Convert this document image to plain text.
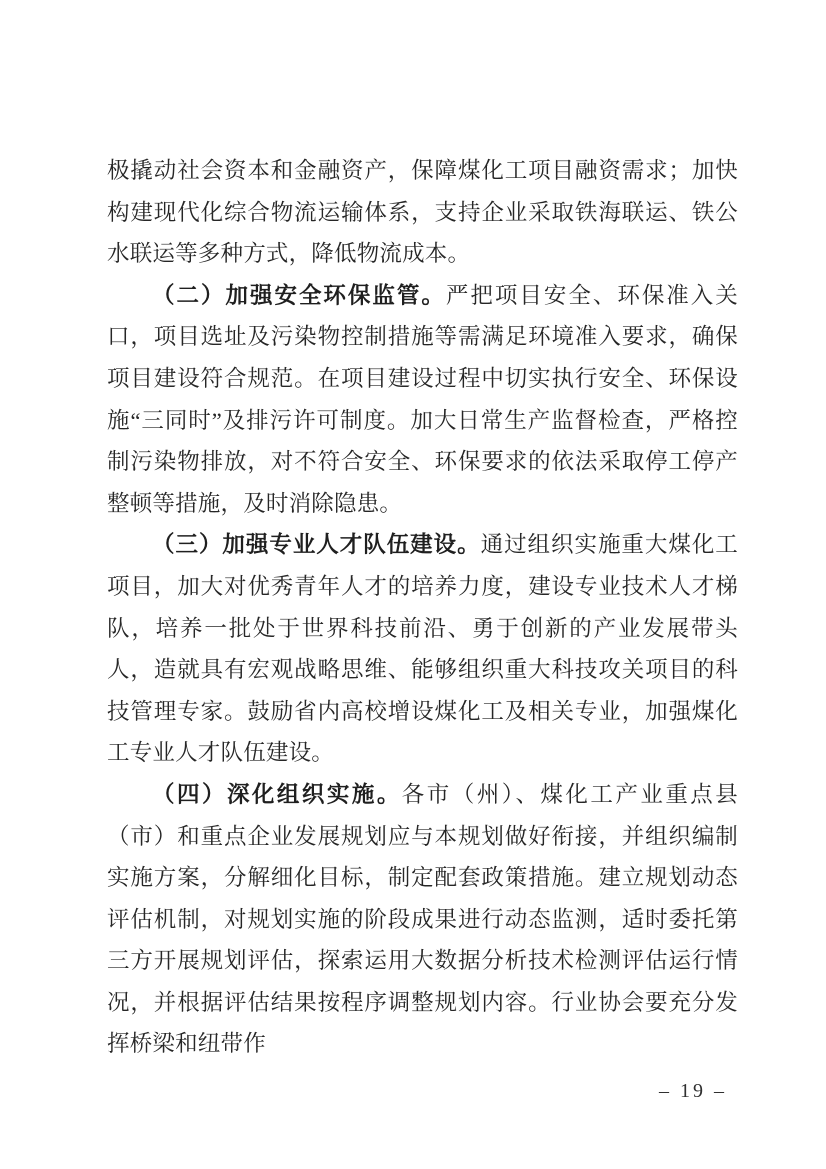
极撬动社会资本和金融资产，保障煤化工项目融资需求；加快构建现代化综合物流运输体系，支持企业采取铁海联运、铁公水联运等多种方式，降低物流成本。

（二）加强安全环保监管。严把项目安全、环保准入关口，项目选址及污染物控制措施等需满足环境准入要求，确保项目建设符合规范。在项目建设过程中切实执行安全、环保设施“三同时”及排污许可制度。加大日常生产监督检查，严格控制污染物排放，对不符合安全、环保要求的依法采取停工停产整顿等措施，及时消除隐患。

（三）加强专业人才队伍建设。通过组织实施重大煤化工项目，加大对优秀青年人才的培养力度，建设专业技术人才梯队，培养一批处于世界科技前沿、勇于创新的产业发展带头人，造就具有宏观战略思维、能够组织重大科技攻关项目的科技管理专家。鼓励省内高校增设煤化工及相关专业，加强煤化工专业人才队伍建设。

（四）深化组织实施。各市（州）、煤化工产业重点县（市）和重点企业发展规划应与本规划做好衔接，并组织编制实施方案，分解细化目标，制定配套政策措施。建立规划动态评估机制，对规划实施的阶段成果进行动态监测，适时委托第三方开展规划评估，探索运用大数据分析技术检测评估运行情况，并根据评估结果按程序调整规划内容。行业协会要充分发挥桥梁和纽带作

– 19 –
